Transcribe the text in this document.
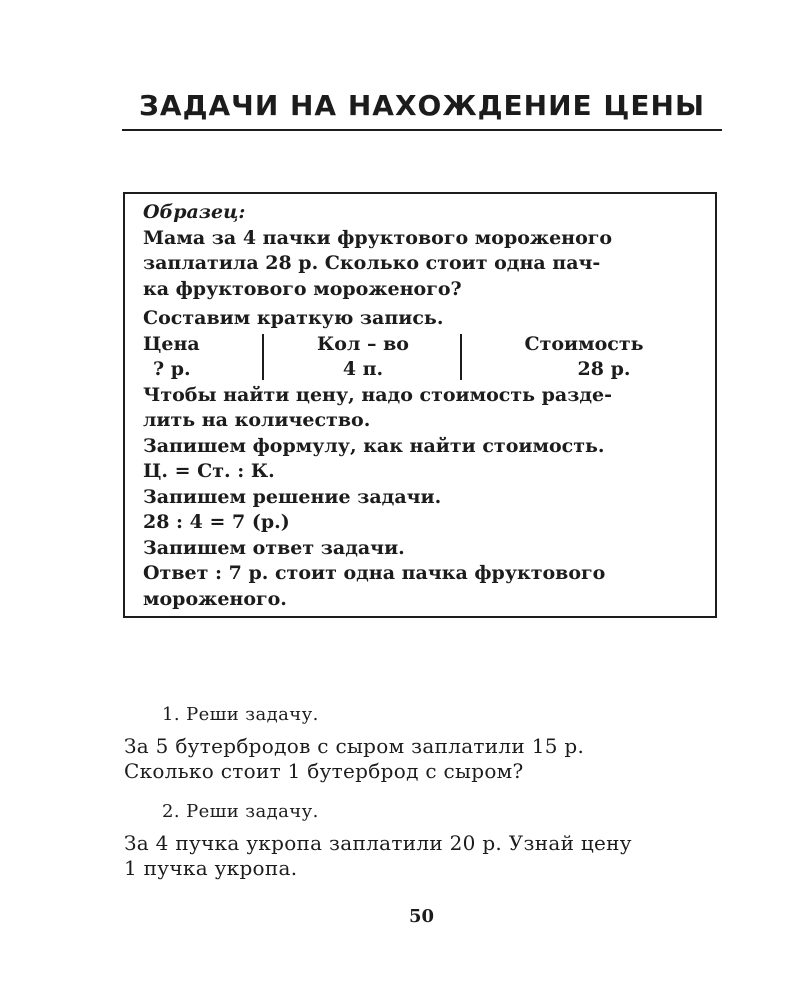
ЗАДАЧИ НА НАХОЖДЕНИЕ ЦЕНЫ
Образец:
Мама за 4 пачки фруктового мороженого
заплатила 28 р. Сколько стоит одна пач-
ка фруктового мороженого?
Составим краткую запись.
Цена	Кол – во	Стоимость
? р.	4 п.	28 р.
Чтобы найти цену, надо стоимость разде-
лить на количество.
Запишем формулу, как найти стоимость.
Ц. = Ст. : К.
Запишем решение задачи.
28 : 4 = 7 (р.)
Запишем ответ задачи.
Ответ : 7 р. стоит одна пачка фруктового
мороженого.
1. Реши задачу.
За 5 бутербродов с сыром заплатили 15 р.
Сколько стоит 1 бутерброд с сыром?
2. Реши задачу.
За 4 пучка укропа заплатили 20 р. Узнай цену
1 пучка укропа.
50
